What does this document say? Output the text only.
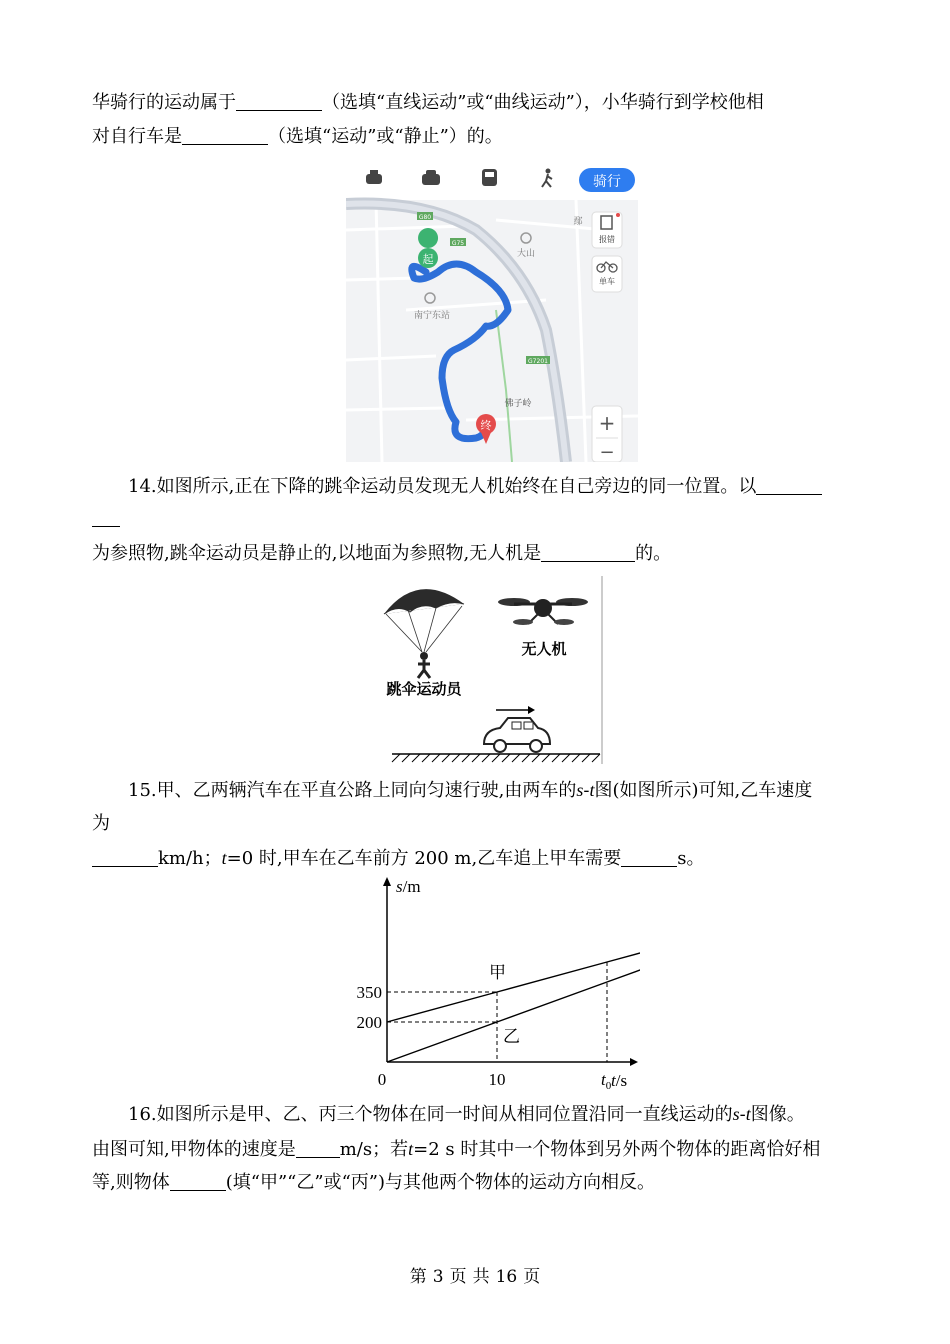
华骑行的运动属于	（选填“直线运动”或“曲线运动”），小华骑行到学校他相

对自行车是	（选填“运动”或“静止”）的。

骑行
G80
G75
G7201
起
终
南宁东站
大山
佛子岭
鄢
报错
单车
+
−

14.如图所示,正在下降的跳伞运动员发现无人机始终在自己旁边的同一位置。以

为参照物,跳伞运动员是静止的,以地面为参照物,无人机是	的。

跳伞运动员
无人机

15.甲、乙两辆汽车在平直公路上同向匀速行驶,由两车的s-t图(如图所示)可知,乙车速度

为

km/h；t=0 时,甲车在乙车前方 200 m,乙车追上甲车需要	s。

s/m
t/s
0
350
200
10	$t_0$
甲
乙

16.如图所示是甲、乙、丙三个物体在同一时间从相同位置沿同一直线运动的s-t图像。

由图可知,甲物体的速度是 m/s；若t=2 s 时其中一个物体到另外两个物体的距离恰好相

等,则物体	(填“甲”“乙”或“丙”)与其他两个物体的运动方向相反。

第 3 页 共 16 页
